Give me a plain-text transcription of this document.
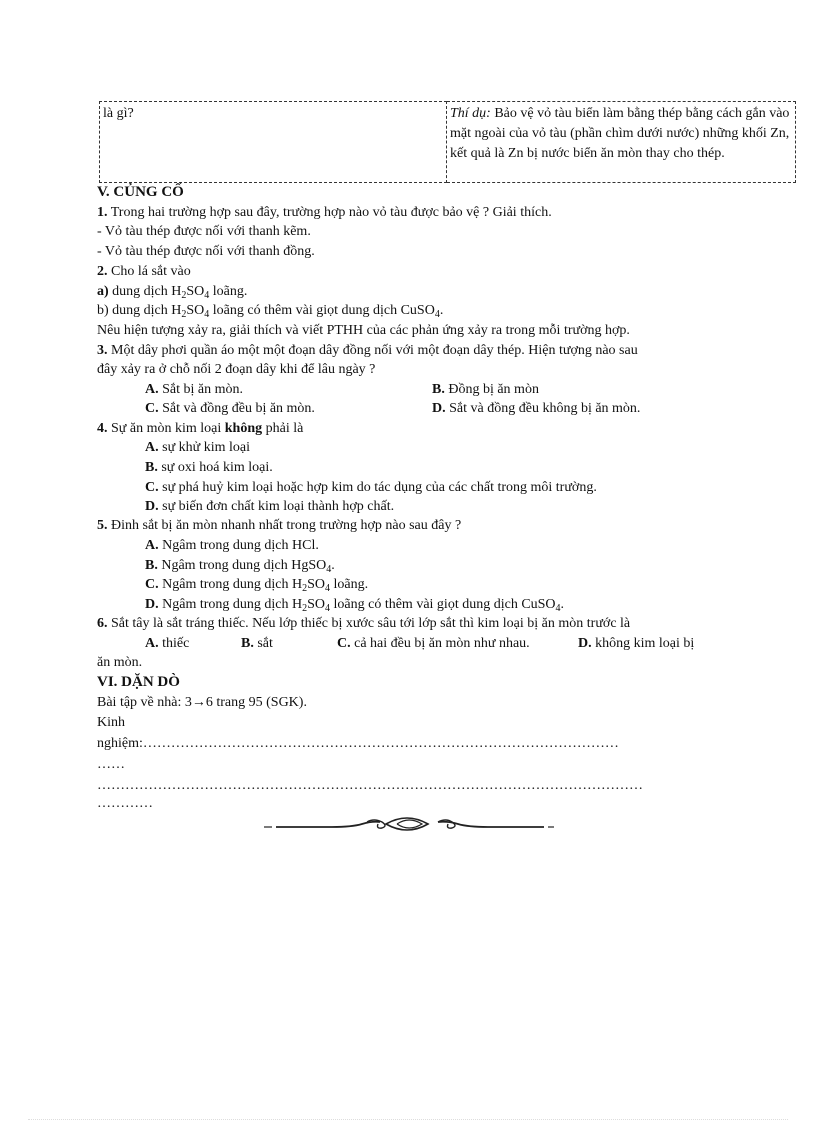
là gì?	Thí dụ: Bảo vệ vỏ tàu biển làm bằng thép bằng cách gắn vào mặt ngoài của vỏ tàu (phần chìm dưới nước) những khối Zn, kết quả là Zn bị nước biển ăn mòn thay cho thép.
V. CỦNG CỐ
1. Trong hai trường hợp sau đây, trường hợp nào vỏ tàu được bảo vệ ? Giải thích.
- Vỏ tàu thép được nối với thanh kẽm.
- Vỏ tàu thép được nối với thanh đồng.
2. Cho lá sắt vào
a) dung dịch $H_2SO_4$ loãng.
b) dung dịch $H_2SO_4$ loãng có thêm vài giọt dung dịch CuSO$_4$.
Nêu hiện tượng xảy ra, giải thích và viết PTHH của các phản ứng xảy ra trong mỗi trường hợp.
3. Một dây phơi quần áo một một đoạn dây đồng nối với một đoạn dây thép. Hiện tượng nào sau
đây xảy ra ở chỗ nối 2 đoạn dây khi để lâu ngày ?
A. Sắt bị ăn mòn.	B. Đồng bị ăn mòn
C. Sắt và đồng đều bị ăn mòn.	D. Sắt và đồng đều không bị ăn mòn.
4. Sự ăn mòn kim loại không phải là
A. sự khử kim loại
B. sự oxi hoá kim loại.
C. sự phá huỷ kim loại hoặc hợp kim do tác dụng của các chất trong môi trường.
D. sự biến đơn chất kim loại thành hợp chất.
5. Đinh sắt bị ăn mòn nhanh nhất trong trường hợp nào sau đây ?
A. Ngâm trong dung dịch HCl.
B. Ngâm trong dung dịch HgSO$_4$.
C. Ngâm trong dung dịch $H_2SO_4$ loãng.
D. Ngâm trong dung dịch $H_2SO_4$ loãng có thêm vài giọt dung dịch CuSO$_4$.
6. Sắt tây là sắt tráng thiếc. Nếu lớp thiếc bị xước sâu tới lớp sắt thì kim loại bị ăn mòn trước là
A. thiếc	B. sắt	C. cả hai đều bị ăn mòn như nhau.	D. không kim loại bị
ăn mòn.
VI. DẶN DÒ
Bài tập về nhà: 3→6 trang 95 (SGK).
Kinh
nghiệm:…………………………………………………………………………………………
……
………………………………………………………………………………………………………
…………
